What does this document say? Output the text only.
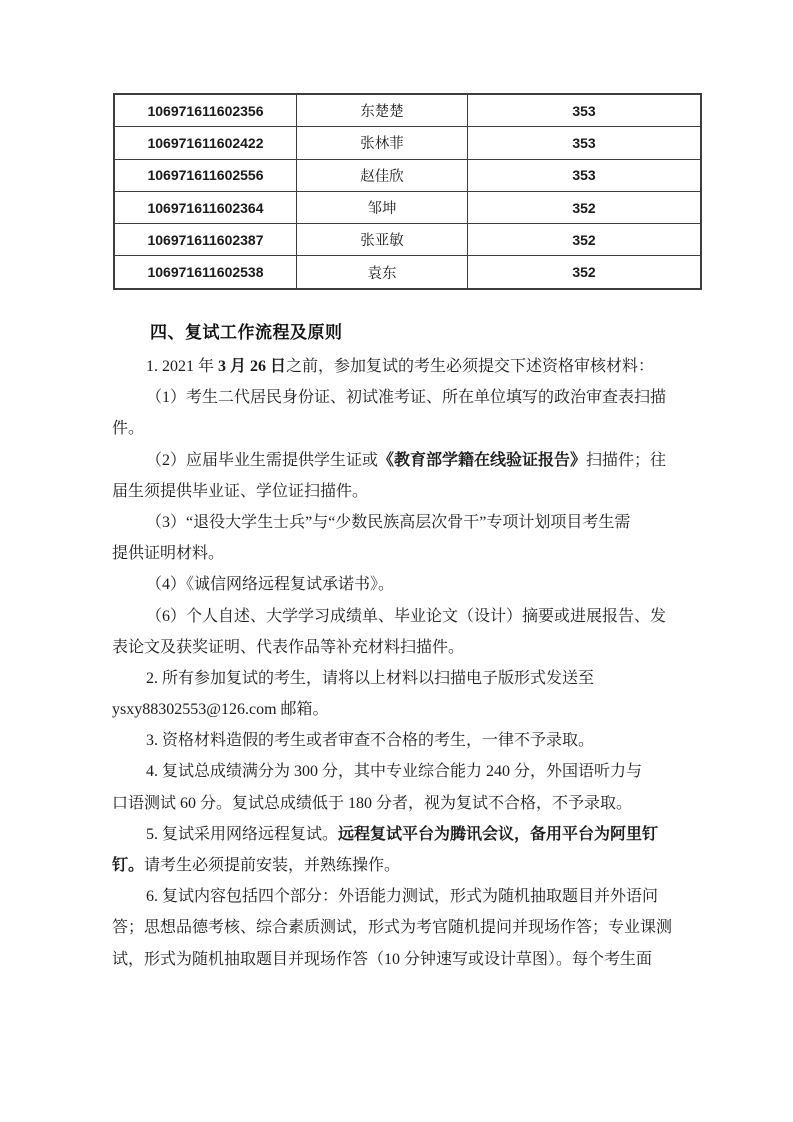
106971611602356	东楚楚	353
106971611602422	张林菲	353
106971611602556	赵佳欣	353
106971611602364	邹坤	352
106971611602387	张亚敏	352
106971611602538	袁东	352
四、复试工作流程及原则
1. 2021 年 3 月 26 日之前，参加复试的考生必须提交下述资格审核材料：
（1）考生二代居民身份证、初试准考证、所在单位填写的政治审查表扫描
件。
（2）应届毕业生需提供学生证或《教育部学籍在线验证报告》扫描件；往
届生须提供毕业证、学位证扫描件。
（3）“退役大学生士兵”与“少数民族高层次骨干”专项计划项目考生需
提供证明材料。
（4）《诚信网络远程复试承诺书》。
（6）个人自述、大学学习成绩单、毕业论文（设计）摘要或进展报告、发
表论文及获奖证明、代表作品等补充材料扫描件。
2. 所有参加复试的考生，请将以上材料以扫描电子版形式发送至
ysxy88302553@126.com 邮箱。
3. 资格材料造假的考生或者审查不合格的考生，一律不予录取。
4. 复试总成绩满分为 300 分，其中专业综合能力 240 分，外国语听力与
口语测试 60 分。复试总成绩低于 180 分者，视为复试不合格，不予录取。
5. 复试采用网络远程复试。远程复试平台为腾讯会议，备用平台为阿里钉
钉。请考生必须提前安装，并熟练操作。
6. 复试内容包括四个部分：外语能力测试，形式为随机抽取题目并外语问
答；思想品德考核、综合素质测试，形式为考官随机提问并现场作答；专业课测
试，形式为随机抽取题目并现场作答（10 分钟速写或设计草图）。每个考生面
